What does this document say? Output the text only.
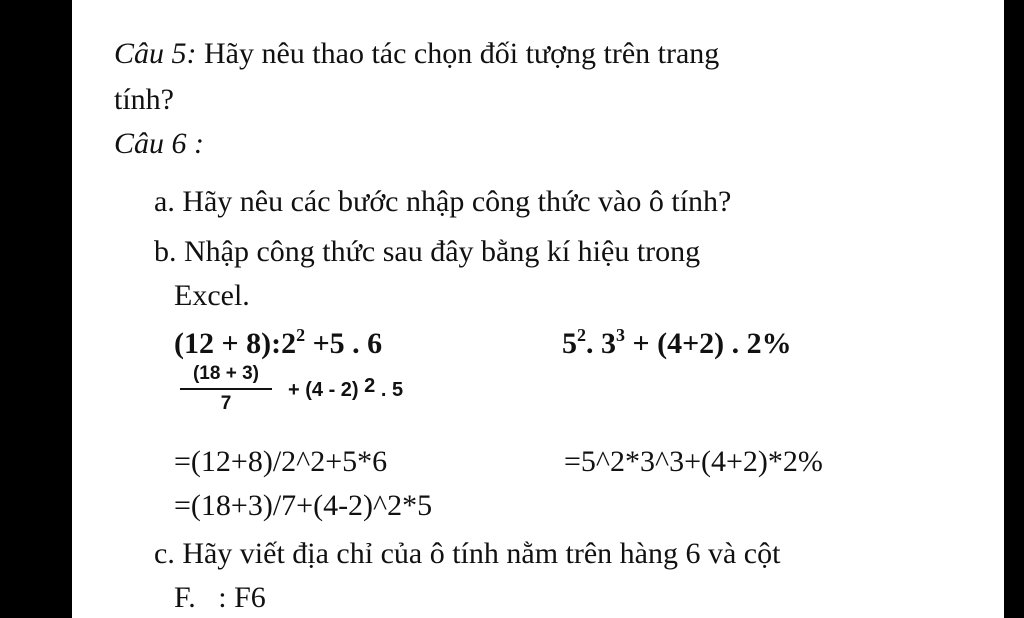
Câu 5: Hãy nêu thao tác chọn đối tượng trên trang
tính?
Câu 6 :
a. Hãy nêu các bước nhập công thức vào ô tính?
b. Nhập công thức sau đây bằng kí hiệu trong
Excel.
$(12 + 8):2^2 +5$ . 6	$5^2$. $3^3 + (4+2)$ . 2%
(18 + 3)
7
+ (4 - 2) 2 . 5
=(12+8)/2^2+5*6	=5^2*3^3+(4+2)*2%
=(18+3)/7+(4-2)^2*5
c. Hãy viết địa chỉ của ô tính nằm trên hàng 6 và cột
F.   : F6
